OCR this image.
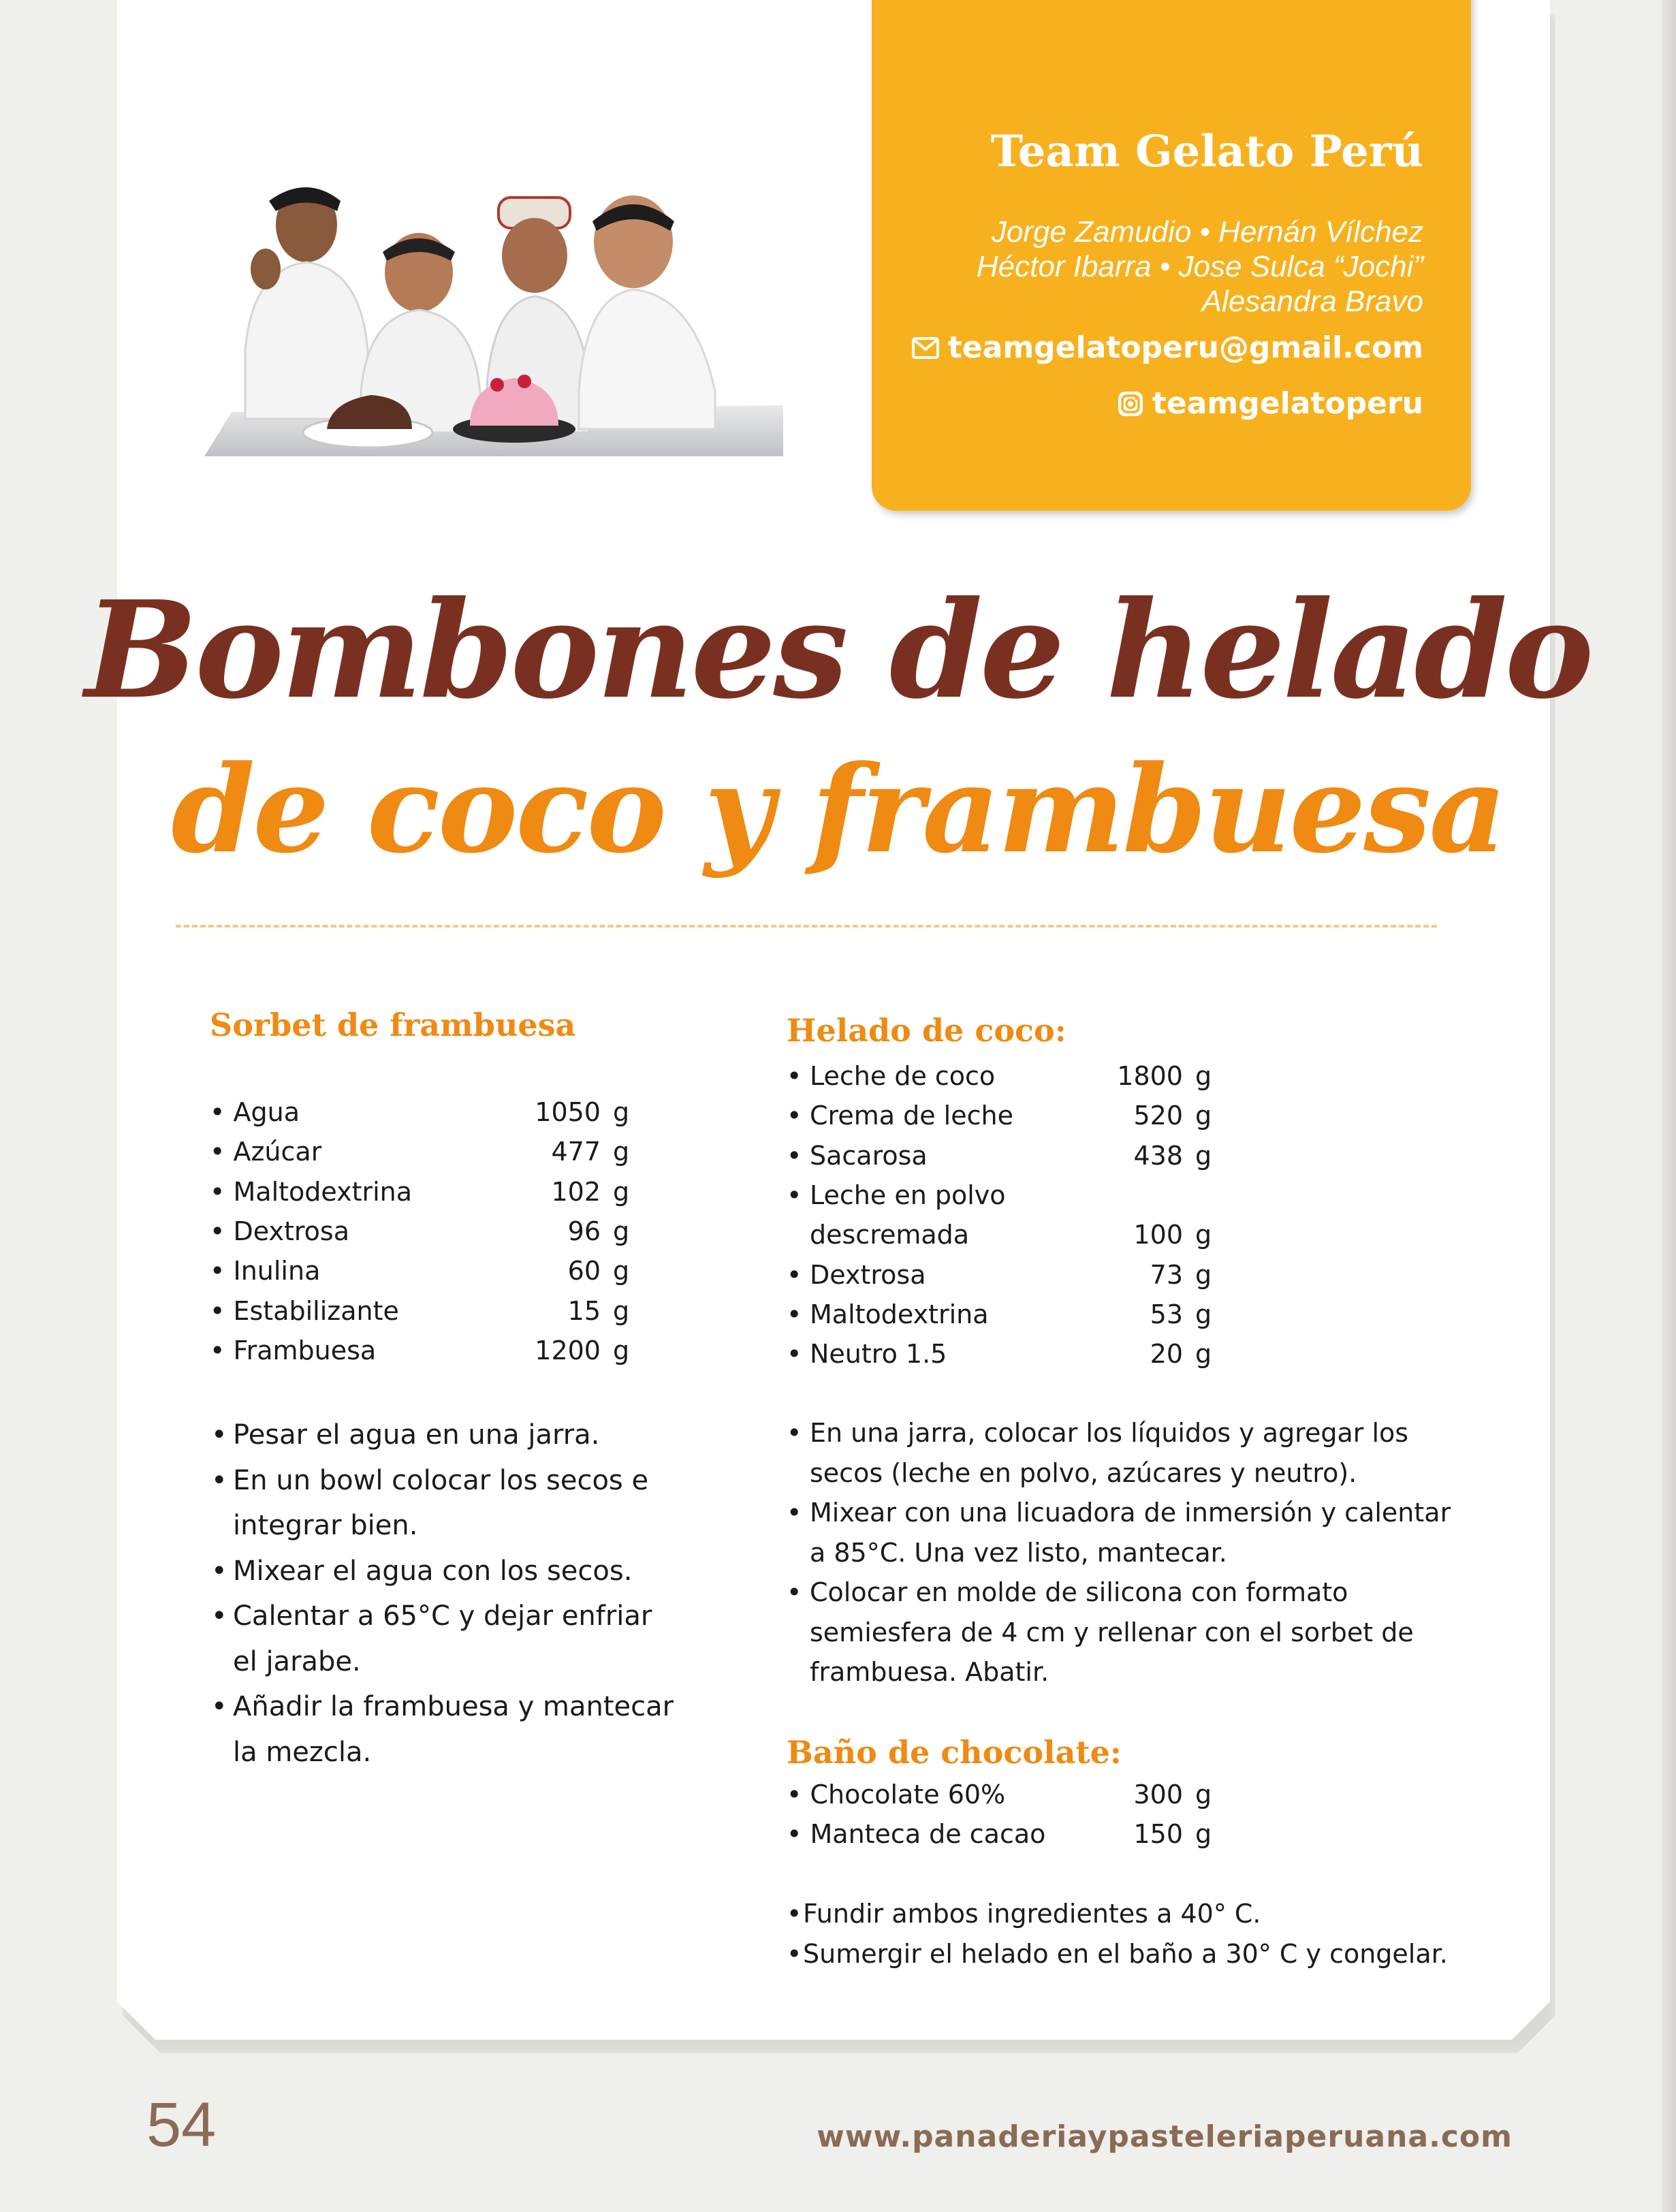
Team Gelato Perú
Jorge Zamudio • Hernán Vílchez
Héctor Ibarra • Jose Sulca “Jochi”
Alesandra Bravo
teamgelatoperu@gmail.com
teamgelatoperu
Bombones de helado
de coco y frambuesa
Sorbet de frambuesa
• Agua	1050	g
• Azúcar	477	g
• Maltodextrina	102	g
• Dextrosa	96	g
• Inulina	60	g
• Estabilizante	15	g
• Frambuesa	1200	g
• Pesar el agua en una jarra.
• En un bowl colocar los secos e integrar bien.
• Mixear el agua con los secos.
• Calentar a 65°C y dejar enfriar el jarabe.
• Añadir la frambuesa y mantecar la mezcla.
Helado de coco:
• Leche de coco	1800	g
• Crema de leche	520	g
• Sacarosa	438	g
• Leche en polvo		
descremada	100	g
• Dextrosa	73	g
• Maltodextrina	53	g
• Neutro 1.5	20	g
• En una jarra, colocar los líquidos y agregar los secos (leche en polvo, azúcares y neutro).
• Mixear con una licuadora de inmersión y calentar a 85°C. Una vez listo, mantecar.
• Colocar en molde de silicona con formato semiesfera de 4 cm y rellenar con el sorbet de frambuesa. Abatir.
Baño de chocolate:
• Chocolate 60%	300	g
• Manteca de cacao	150	g
• Fundir ambos ingredientes a 40° C.
• Sumergir el helado en el baño a 30° C y congelar.
54	www.panaderiaypasteleriaperuana.com
